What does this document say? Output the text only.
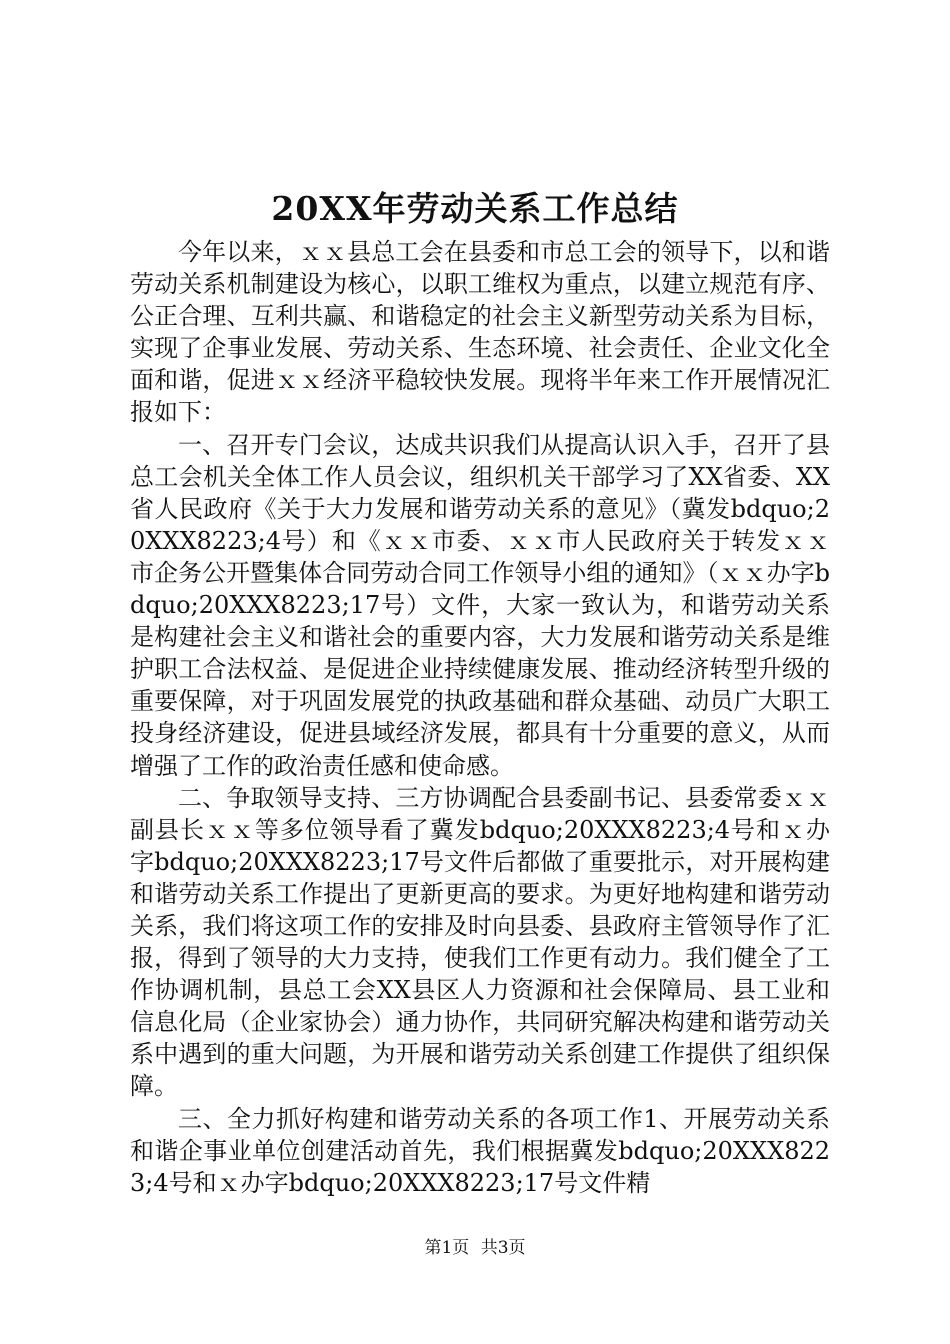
20XX年劳动关系工作总结

今年以来，ｘｘ县总工会在县委和市总工会的领导下，以和谐劳动关系机制建设为核心，以职工维权为重点，以建立规范有序、公正合理、互利共赢、和谐稳定的社会主义新型劳动关系为目标，实现了企事业发展、劳动关系、生态环境、社会责任、企业文化全面和谐，促进ｘｘ经济平稳较快发展。现将半年来工作开展情况汇报如下：

一、召开专门会议，达成共识我们从提高认识入手，召开了县总工会机关全体工作人员会议，组织机关干部学习了XX省委、XX省人民政府《关于大力发展和谐劳动关系的意见》（冀发bdquo;20XXX8223;4号）和《ｘｘ市委、ｘｘ市人民政府关于转发ｘｘ市企务公开暨集体合同劳动合同工作领导小组的通知》（ｘｘ办字bdquo;20XXX8223;17号）文件，大家一致认为，和谐劳动关系是构建社会主义和谐社会的重要内容，大力发展和谐劳动关系是维护职工合法权益、是促进企业持续健康发展、推动经济转型升级的重要保障，对于巩固发展党的执政基础和群众基础、动员广大职工投身经济建设，促进县域经济发展，都具有十分重要的意义，从而增强了工作的政治责任感和使命感。

二、争取领导支持、三方协调配合县委副书记、县委常委ｘｘ副县长ｘｘ等多位领导看了冀发bdquo;20XXX8223;4号和ｘ办字bdquo;20XXX8223;17号文件后都做了重要批示，对开展构建和谐劳动关系工作提出了更新更高的要求。为更好地构建和谐劳动关系，我们将这项工作的安排及时向县委、县政府主管领导作了汇报，得到了领导的大力支持，使我们工作更有动力。我们健全了工作协调机制，县总工会XX县区人力资源和社会保障局、县工业和信息化局（企业家协会）通力协作，共同研究解决构建和谐劳动关系中遇到的重大问题，为开展和谐劳动关系创建工作提供了组织保障。

三、全力抓好构建和谐劳动关系的各项工作1、开展劳动关系和谐企事业单位创建活动首先，我们根据冀发bdquo;20XXX8223;4号和ｘ办字bdquo;20XXX8223;17号文件精

第1页 共3页
